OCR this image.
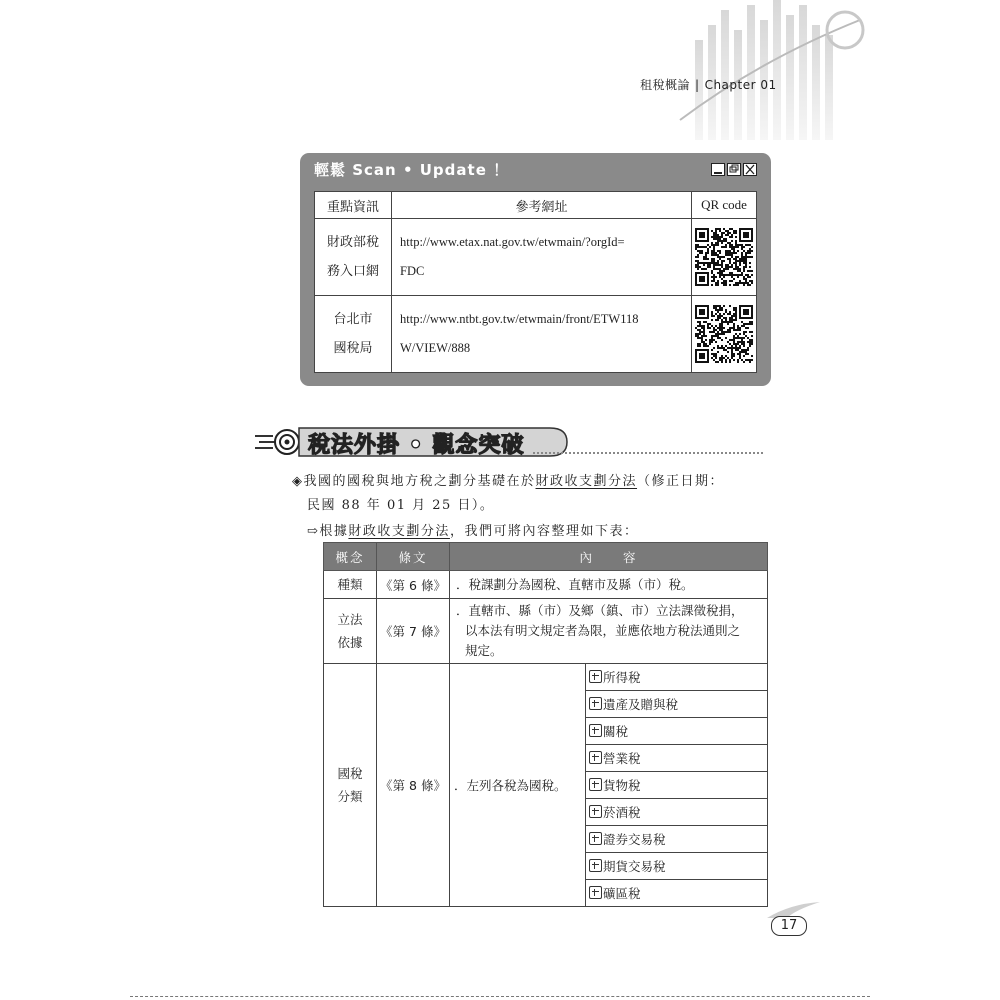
租稅概論 | Chapter 01
輕鬆 Scan • Update ！
重點資訊	參考網址	QR code
財政部稅
務入口網	http://www.etax.nat.gov.tw/etwmain/?orgId=
FDC	

台北市
國稅局	http://www.ntbt.gov.tw/etwmain/front/ETW118
W/VIEW/888	
稅法外掛 • 觀念突破
◈我國的國稅與地方稅之劃分基礎在於財政收支劃分法（修正日期：
民國 88 年 01 月 25 日）。
⇨根據財政收支劃分法，我們可將內容整理如下表：
概念	條文	內　　容	
種類	《第 6 條》	．稅課劃分為國稅、直轄市及縣（市）稅。	
立法
依據	《第 7 條》	．直轄市、縣（市）及鄉（鎮、市）立法課徵稅捐，
以本法有明文規定者為限，並應依地方稅法通則之
規定。	
國稅
分類	《第 8 條》	．左列各稅為國稅。	所得稅
			遺產及贈與稅
			關稅
			營業稅
			貨物稅
			菸酒稅
			證券交易稅
			期貨交易稅
			礦區稅
17
